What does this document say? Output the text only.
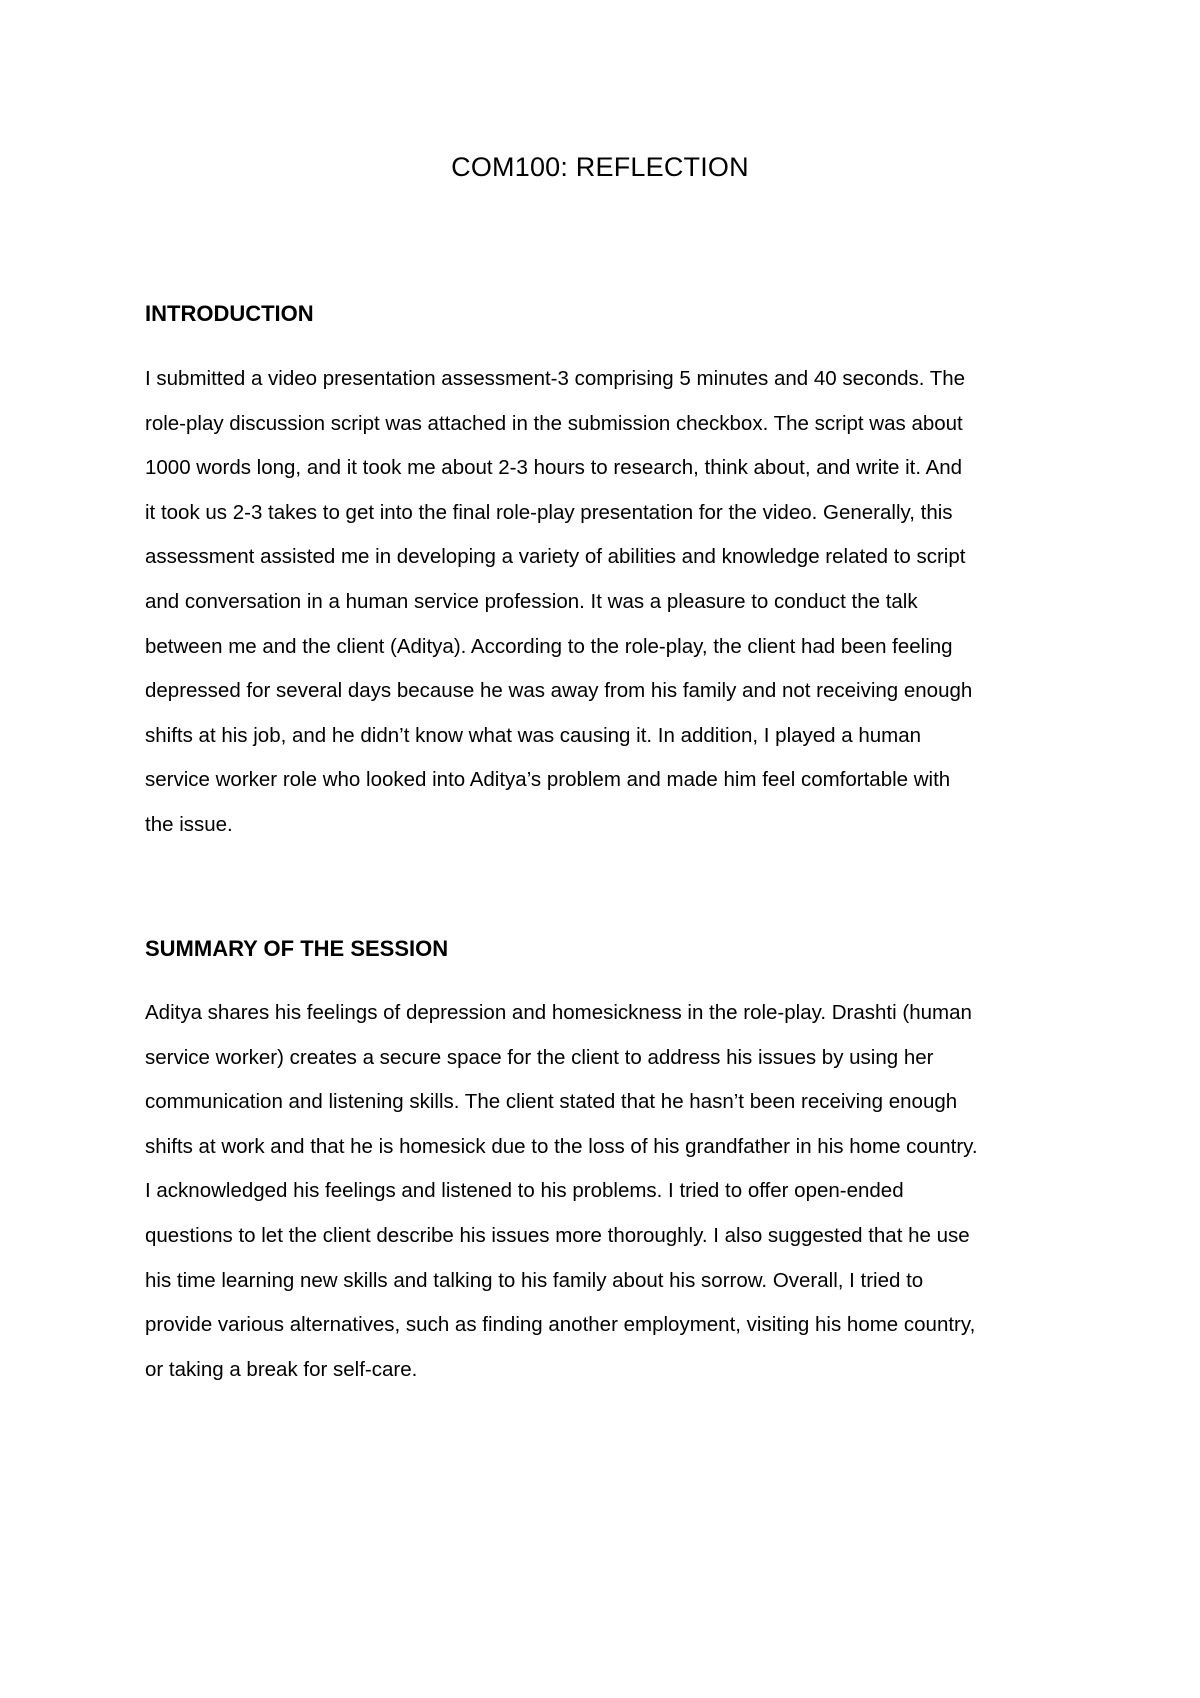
COM100: REFLECTION
INTRODUCTION
I submitted a video presentation assessment-3 comprising 5 minutes and 40 seconds. The
role-play discussion script was attached in the submission checkbox. The script was about
1000 words long, and it took me about 2-3 hours to research, think about, and write it. And
it took us 2-3 takes to get into the final role-play presentation for the video. Generally, this
assessment assisted me in developing a variety of abilities and knowledge related to script
and conversation in a human service profession. It was a pleasure to conduct the talk
between me and the client (Aditya). According to the role-play, the client had been feeling
depressed for several days because he was away from his family and not receiving enough
shifts at his job, and he didn’t know what was causing it. In addition, I played a human
service worker role who looked into Aditya’s problem and made him feel comfortable with
the issue.
SUMMARY OF THE SESSION
Aditya shares his feelings of depression and homesickness in the role-play. Drashti (human
service worker) creates a secure space for the client to address his issues by using her
communication and listening skills. The client stated that he hasn’t been receiving enough
shifts at work and that he is homesick due to the loss of his grandfather in his home country.
I acknowledged his feelings and listened to his problems. I tried to offer open-ended
questions to let the client describe his issues more thoroughly. I also suggested that he use
his time learning new skills and talking to his family about his sorrow. Overall, I tried to
provide various alternatives, such as finding another employment, visiting his home country,
or taking a break for self-care.
